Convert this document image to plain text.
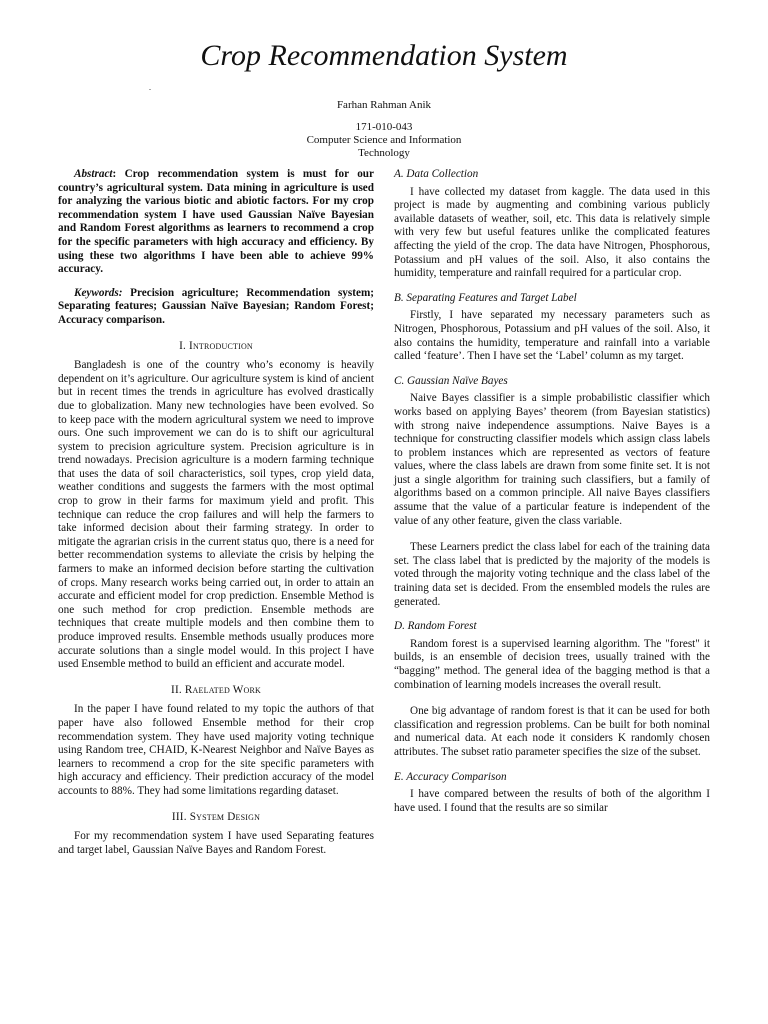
Crop Recommendation System
.
Farhan Rahman Anik
171-010-043
Computer Science and Information
Technology

Abstract: Crop recommendation system is must for our country’s agricultural system. Data mining in agriculture is used for analyzing the various biotic and abiotic factors. For my crop recommendation system I have used Gaussian Naïve Bayesian and Random Forest algorithms as learners to recommend a crop for the specific parameters with high accuracy and efficiency. By using these two algorithms I have been able to achieve 99% accuracy.

Keywords: Precision agriculture; Recommendation system; Separating features; Gaussian Naïve Bayesian; Random Forest; Accuracy comparison.

I. Introduction

Bangladesh is one of the country who’s economy is heavily dependent on it’s agriculture. Our agriculture system is kind of ancient but in recent times the trends in agriculture has evolved drastically due to globalization. Many new technologies have been evolved. So to keep pace with the modern agricultural system we need to improve ours. One such improvement we can do is to shift our agricultural system to precision agriculture system. Precision agriculture is in trend nowadays. Precision agriculture is a modern farming technique that uses the data of soil characteristics, soil types, crop yield data, weather conditions and suggests the farmers with the most optimal crop to grow in their farms for maximum yield and profit. This technique can reduce the crop failures and will help the farmers to take informed decision about their farming strategy. In order to mitigate the agrarian crisis in the current status quo, there is a need for better recommendation systems to alleviate the crisis by helping the farmers to make an informed decision before starting the cultivation of crops. Many research works being carried out, in order to attain an accurate and efficient model for crop prediction. Ensemble Method is one such method for crop prediction. Ensemble methods are techniques that create multiple models and then combine them to produce improved results. Ensemble methods usually produces more accurate solutions than a single model would. In this project I have used Ensemble method to build an efficient and accurate model.

II. Raelated Work

In the paper I have found related to my topic the authors of that paper have also followed Ensemble method for their crop recommendation system. They have used majority voting technique using Random tree, CHAID, K-Nearest Neighbor and Naïve Bayes as learners to recommend a crop for the site specific parameters with high accuracy and efficiency. Their prediction accuracy of the model accounts to 88%. They had some limitations regarding dataset.

III. System Design

For my recommendation system I have used Separating features and target label, Gaussian Naïve Bayes and Random Forest.

A. Data Collection

I have collected my dataset from kaggle. The data used in this project is made by augmenting and combining various publicly available datasets of weather, soil, etc. This data is relatively simple with very few but useful features unlike the complicated features affecting the yield of the crop. The data have Nitrogen, Phosphorous, Potassium and pH values of the soil. Also, it also contains the humidity, temperature and rainfall required for a particular crop.

B. Separating Features and Target Label

Firstly, I have separated my necessary parameters such as Nitrogen, Phosphorous, Potassium and pH values of the soil. Also, it also contains the humidity, temperature and rainfall into a variable called ‘feature’. Then I have set the ‘Label’ column as my target.

C. Gaussian Naïve Bayes

Naive Bayes classifier is a simple probabilistic classifier which works based on applying Bayes’ theorem (from Bayesian statistics) with strong naive independence assumptions. Naive Bayes is a technique for constructing classifier models which assign class labels to problem instances which are represented as vectors of feature values, where the class labels are drawn from some finite set. It is not just a single algorithm for training such classifiers, but a family of algorithms based on a common principle. All naive Bayes classifiers assume that the value of a particular feature is independent of the value of any other feature, given the class variable.

These Learners predict the class label for each of the training data set. The class label that is predicted by the majority of the models is voted through the majority voting technique and the class label of the training data set is decided. From the ensembled models the rules are generated.

D. Random Forest

Random forest is a supervised learning algorithm. The "forest" it builds, is an ensemble of decision trees, usually trained with the “bagging” method. The general idea of the bagging method is that a combination of learning models increases the overall result.

One big advantage of random forest is that it can be used for both classification and regression problems. Can be built for both nominal and numerical data. At each node it considers K randomly chosen attributes. The subset ratio parameter specifies the size of the subset.

E. Accuracy Comparison

I have compared between the results of both of the algorithm I have used. I found that the results are so similar
